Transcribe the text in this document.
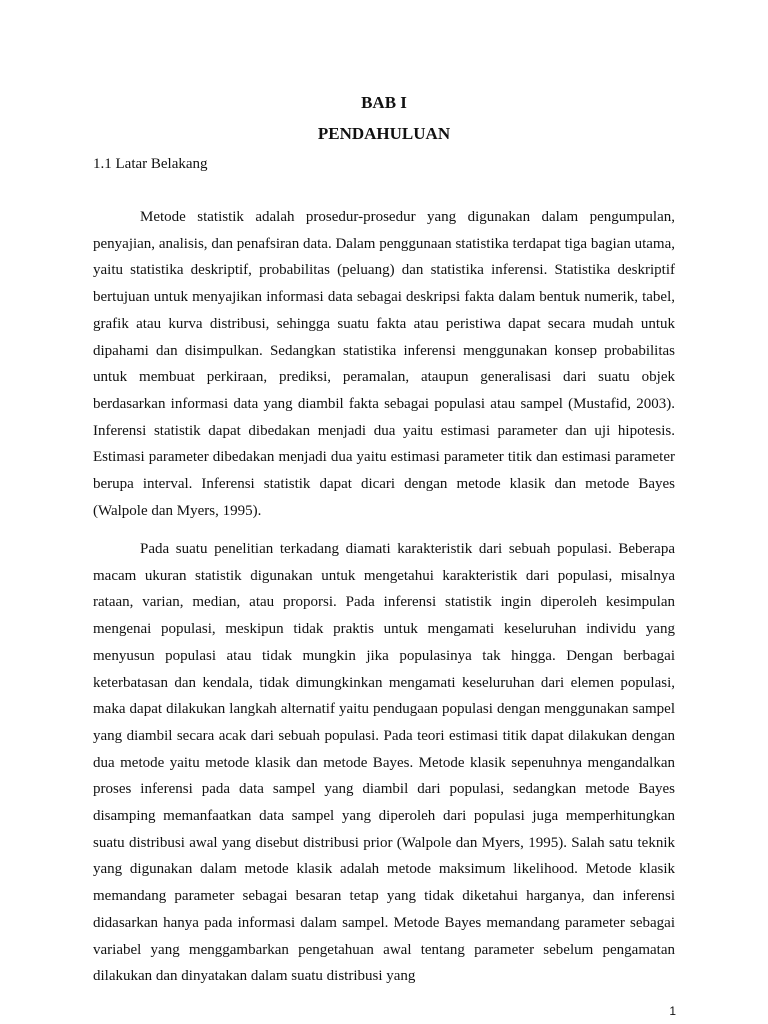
BAB I
PENDAHULUAN
1.1 Latar Belakang

Metode statistik adalah prosedur-prosedur yang digunakan dalam pengumpulan, penyajian, analisis, dan penafsiran data. Dalam penggunaan statistika terdapat tiga bagian utama, yaitu statistika deskriptif, probabilitas (peluang) dan statistika inferensi. Statistika deskriptif bertujuan untuk menyajikan informasi data sebagai deskripsi fakta dalam bentuk numerik, tabel, grafik atau kurva distribusi, sehingga suatu fakta atau peristiwa dapat secara mudah untuk dipahami dan disimpulkan. Sedangkan statistika inferensi menggunakan konsep probabilitas untuk membuat perkiraan, prediksi, peramalan, ataupun generalisasi dari suatu objek berdasarkan informasi data yang diambil fakta sebagai populasi atau sampel (Mustafid, 2003). Inferensi statistik dapat dibedakan menjadi dua yaitu estimasi parameter dan uji hipotesis. Estimasi parameter dibedakan menjadi dua yaitu estimasi parameter titik dan estimasi parameter berupa interval. Inferensi statistik dapat dicari dengan metode klasik dan metode Bayes (Walpole dan Myers, 1995).

Pada suatu penelitian terkadang diamati karakteristik dari sebuah populasi. Beberapa macam ukuran statistik digunakan untuk mengetahui karakteristik dari populasi, misalnya rataan, varian, median, atau proporsi. Pada inferensi statistik ingin diperoleh kesimpulan mengenai populasi, meskipun tidak praktis untuk mengamati keseluruhan individu yang menyusun populasi atau tidak mungkin jika populasinya tak hingga. Dengan berbagai keterbatasan dan kendala, tidak dimungkinkan mengamati keseluruhan dari elemen populasi, maka dapat dilakukan langkah alternatif yaitu pendugaan populasi dengan menggunakan sampel yang diambil secara acak dari sebuah populasi. Pada teori estimasi titik dapat dilakukan dengan dua metode yaitu metode klasik dan metode Bayes. Metode klasik sepenuhnya mengandalkan proses inferensi pada data sampel yang diambil dari populasi, sedangkan metode Bayes disamping memanfaatkan data sampel yang diperoleh dari populasi juga memperhitungkan suatu distribusi awal yang disebut distribusi prior (Walpole dan Myers, 1995). Salah satu teknik yang digunakan dalam metode klasik adalah metode maksimum likelihood. Metode klasik memandang parameter sebagai besaran tetap yang tidak diketahui harganya, dan inferensi didasarkan hanya pada informasi dalam sampel. Metode Bayes memandang parameter sebagai variabel yang menggambarkan pengetahuan awal tentang parameter sebelum pengamatan dilakukan dan dinyatakan dalam suatu distribusi yang

1
